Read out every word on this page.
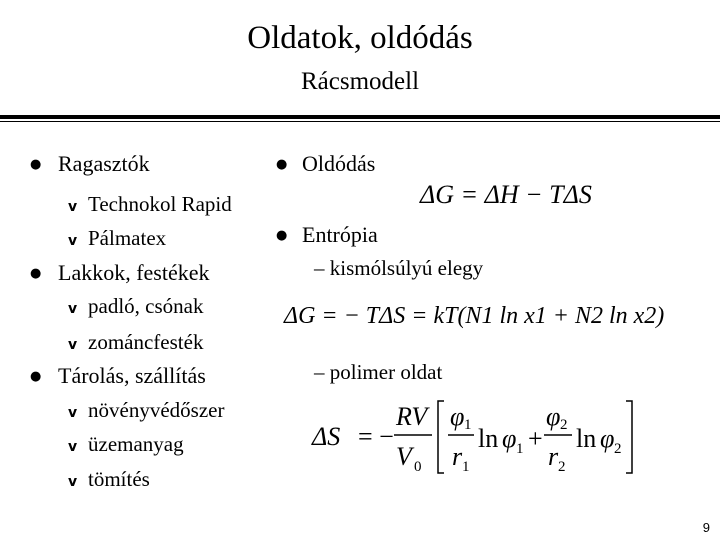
Oldatok, oldódás
Rácsmodell
● Ragasztók
v Technokol Rapid
v Pálmatex
● Lakkok, festékek
v padló, csónak
v zománcfesték
● Tárolás, szállítás
v növényvédőszer
v üzemanyag
v tömítés
● Oldódás
ΔG = ΔH − TΔS
● Entrópia
– kismólsúlyú elegy
ΔG = − TΔS = kT(N1 ln x1 + N2 ln x2)
– polimer oldat
ΔS = −
RV
V 0
φ 1
r 1
ln φ 1 +
φ 2
r 2
ln φ 2
9
